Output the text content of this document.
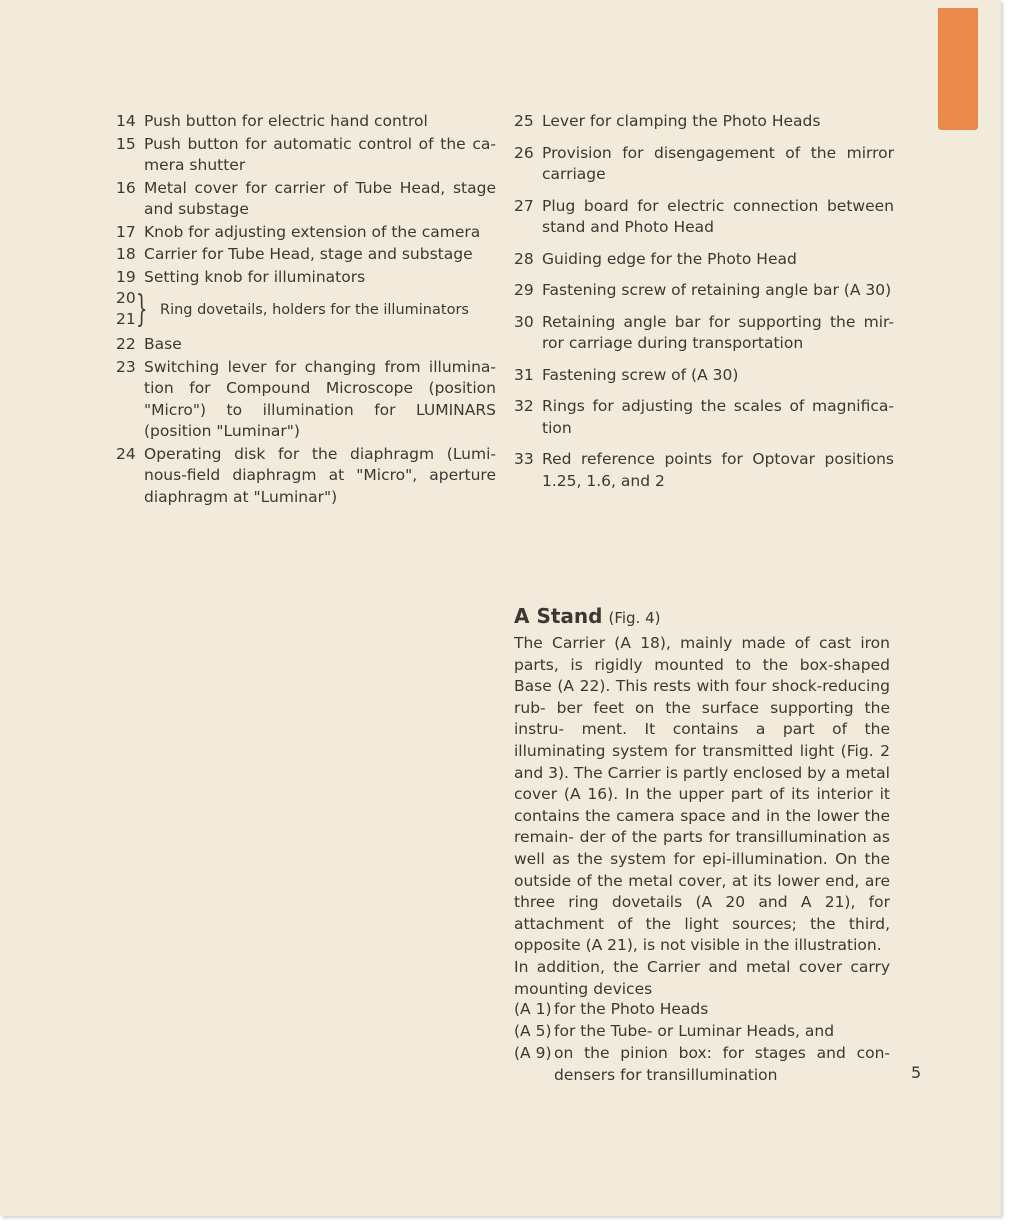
14 Push button for electric hand control
15 Push button for automatic control of the ca- mera shutter
16 Metal cover for carrier of Tube Head, stage and substage
17 Knob for adjusting extension of the camera
18 Carrier for Tube Head, stage and substage
19 Setting knob for illuminators
20
21 } Ring dovetails, holders for the illuminators
22 Base
23 Switching lever for changing from illumina- tion for Compound Microscope (position "Micro") to illumination for LUMINARS (position "Luminar")
24 Operating disk for the diaphragm (Lumi- nous-field diaphragm at "Micro", aperture diaphragm at "Luminar")
25 Lever for clamping the Photo Heads
26 Provision for disengagement of the mirror carriage
27 Plug board for electric connection between stand and Photo Head
28 Guiding edge for the Photo Head
29 Fastening screw of retaining angle bar (A 30)
30 Retaining angle bar for supporting the mir- ror carriage during transportation
31 Fastening screw of (A 30)
32 Rings for adjusting the scales of magnifica- tion
33 Red reference points for Optovar positions 1.25, 1.6, and 2
A Stand (Fig. 4)

The Carrier (A 18), mainly made of cast iron parts, is rigidly mounted to the box-shaped Base (A 22). This rests with four shock-reducing rub- ber feet on the surface supporting the instru- ment. It contains a part of the illuminating system for transmitted light (Fig. 2 and 3). The Carrier is partly enclosed by a metal cover (A 16). In the upper part of its interior it contains the camera space and in the lower the remain- der of the parts for transillumination as well as the system for epi-illumination. On the outside of the metal cover, at its lower end, are three ring dovetails (A 20 and A 21), for attachment of the light sources; the third, opposite (A 21), is not visible in the illustration.

In addition, the Carrier and metal cover carry mounting devices

(A 1) for the Photo Heads
(A 5) for the Tube- or Luminar Heads, and
(A 9) on the pinion box: for stages and con- densers for transillumination	5
